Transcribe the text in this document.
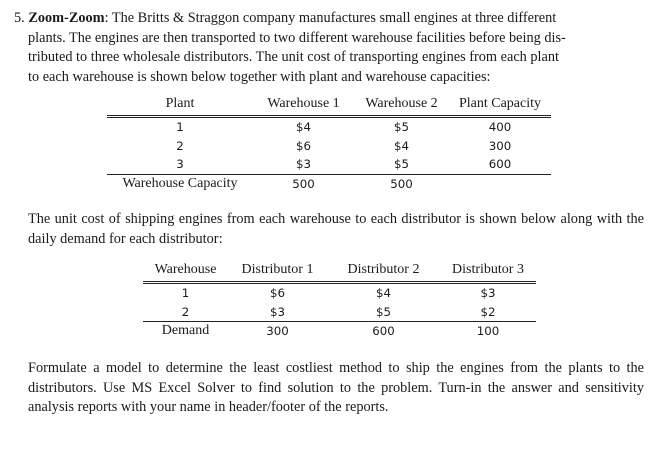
5. Zoom-Zoom: The Britts & Straggon company manufactures small engines at three different
plants. The engines are then transported to two different warehouse facilities before being dis-
tributed to three wholesale distributors. The unit cost of transporting engines from each plant
to each warehouse is shown below together with plant and warehouse capacities:

Plant	Warehouse 1	Warehouse 2	Plant Capacity
1	$4	$5	400
2	$6	$4	300
3	$3	$5	600
Warehouse Capacity	500	500	

The unit cost of shipping engines from each warehouse to each distributor is shown below along with the daily demand for each distributor:

Warehouse	Distributor 1	Distributor 2	Distributor 3
1	$6	$4	$3
2	$3	$5	$2
Demand	300	600	100

Formulate a model to determine the least costliest method to ship the engines from the plants to the distributors. Use MS Excel Solver to find solution to the problem. Turn-in the answer and sensitivity analysis reports with your name in header/footer of the reports.
